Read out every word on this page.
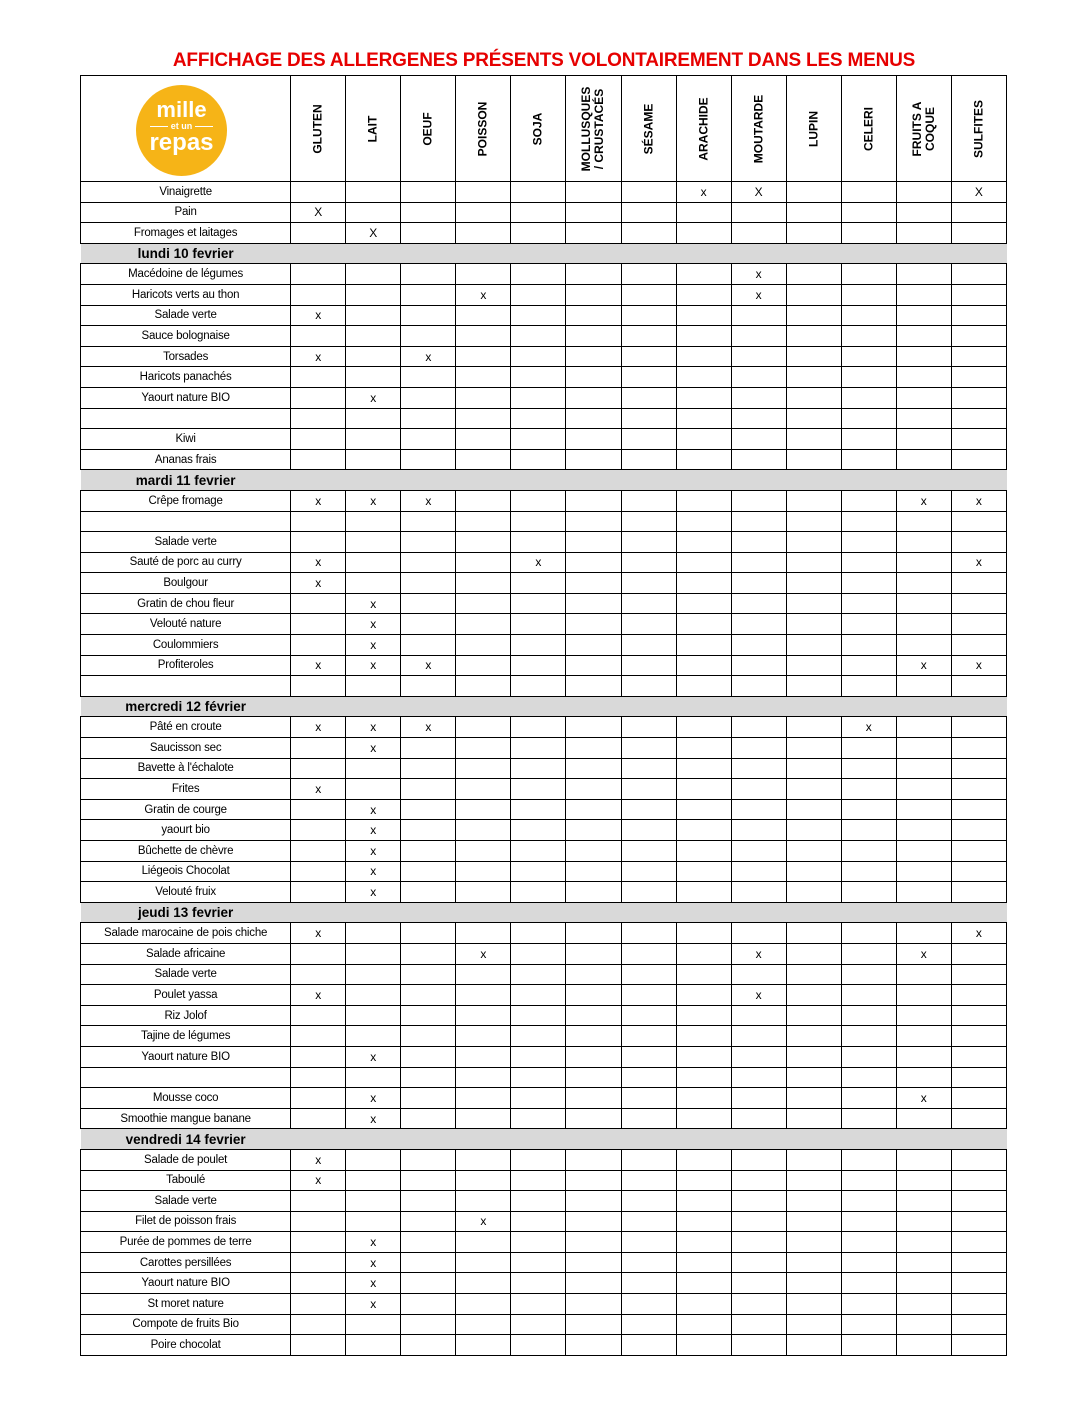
AFFICHAGE DES ALLERGENES PRÉSENTS VOLONTAIREMENT DANS LES MENUS
mille
et un
repas	GLUTEN	LAIT	OEUF	POISSON	SOJA	MOLLUSQUES / CRUSTACÉS	SÉSAME	ARACHIDE	MOUTARDE	LUPIN	CELERI	FRUITS A COQUE	SULFITES

Vinaigrette								x	X				X
Pain	X												
Fromages et laitages		X											
lundi 10 fevrier													
Macédoine de légumes									x				
Haricots verts au thon				x					x				
Salade verte	x												
Sauce bolognaise													
Torsades	x		x										
Haricots panachés													
Yaourt nature BIO		x											

Kiwi													
Ananas frais													
mardi 11 fevrier													
Crêpe fromage	x	x	x									x	x

Salade verte													
Sauté de porc au curry	x				x								x
Boulgour	x												
Gratin de chou fleur		x											
Velouté nature		x											
Coulommiers		x											
Profiteroles	x	x	x									x	x

mercredi 12 février													
Pâté en croute	x	x	x								x		
Saucisson sec		x											
Bavette à l'échalote													
Frites	x												
Gratin de courge		x											
yaourt bio		x											
Bûchette de chèvre		x											
Liégeois Chocolat		x											
Velouté fruix		x											
jeudi 13 fevrier													
Salade marocaine de pois chiche	x												x
Salade africaine				x					x			x	
Salade verte													
Poulet yassa	x								x				
Riz Jolof													
Tajine de légumes													
Yaourt nature BIO		x											

Mousse coco		x										x	
Smoothie mangue banane		x											
vendredi 14 fevrier													
Salade de poulet	x												
Taboulé	x												
Salade verte													
Filet de poisson frais				x									
Purée de pommes de terre		x											
Carottes persillées		x											
Yaourt nature BIO		x											
St moret nature		x											
Compote de fruits Bio													
Poire chocolat													
